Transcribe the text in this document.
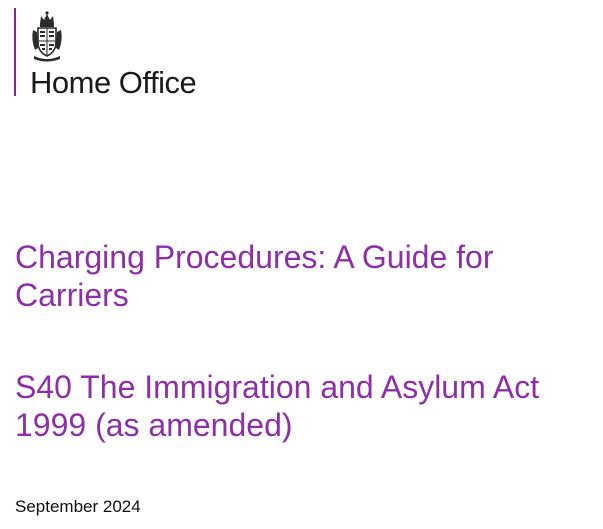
Home Office
Charging Procedures: A Guide for Carriers
S40 The Immigration and Asylum Act 1999 (as amended)
September 2024
